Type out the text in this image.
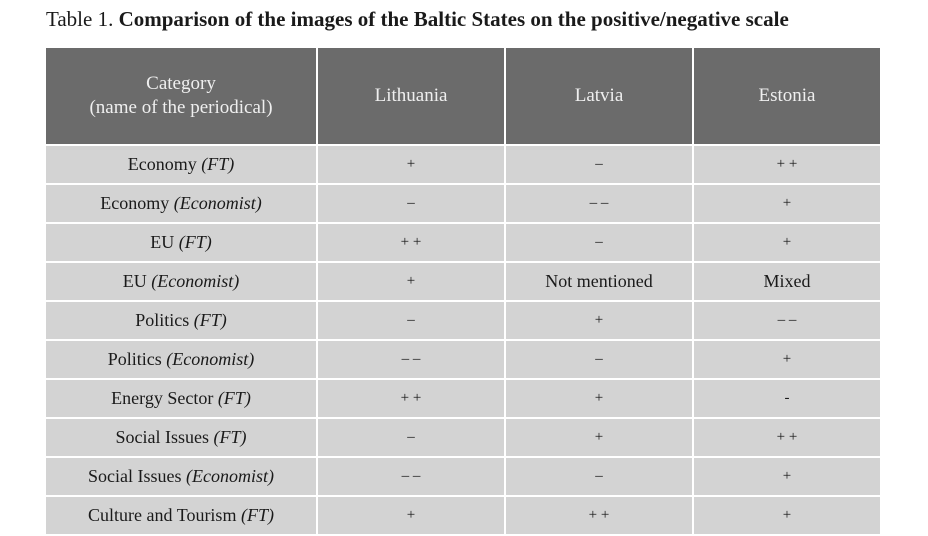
Table 1. Comparison of the images of the Baltic States on the positive/negative scale
Category
(name of the periodical)	Lithuania	Latvia	Estonia
Economy (FT)	+	–	+ +
Economy (Economist)	–	– –	+
EU (FT)	+ +	–	+
EU (Economist)	+	Not mentioned	Mixed
Politics (FT)	–	+	– –
Politics (Economist)	– –	–	+
Energy Sector (FT)	+ +	+	-
Social Issues (FT)	–	+	+ +
Social Issues (Economist)	– –	–	+
Culture and Tourism (FT)	+	+ +	+
